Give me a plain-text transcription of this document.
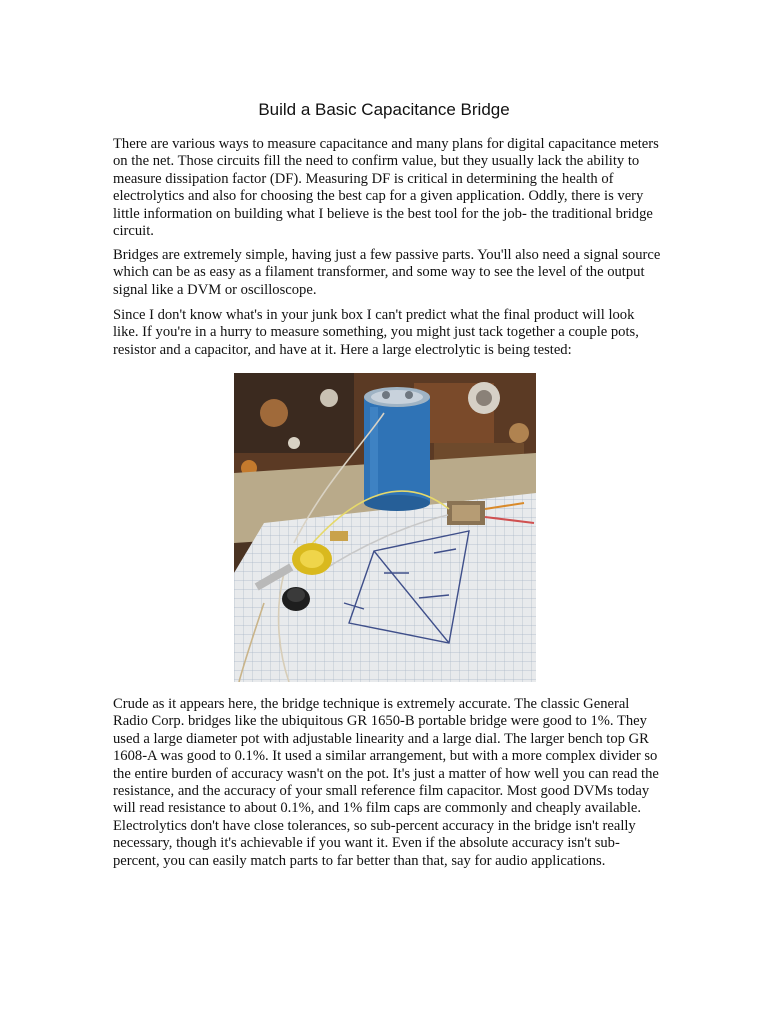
Build a Basic Capacitance Bridge

There are various ways to measure capacitance and many plans for digital capacitance meters on the net. Those circuits fill the need to confirm value, but they usually lack the ability to measure dissipation factor (DF). Measuring DF is critical in determining the health of electrolytics and also for choosing the best cap for a given application. Oddly, there is very little information on building what I believe is the best tool for the job- the traditional bridge circuit.

Bridges are extremely simple, having just a few passive parts. You'll also need a signal source which can be as easy as a filament transformer, and some way to see the level of the output signal like a DVM or oscilloscope.

Since I don't know what's in your junk box I can't predict what the final product will look like. If you're in a hurry to measure something, you might just tack together a couple pots, resistor and a capacitor, and have at it. Here a large electrolytic is being tested:

Crude as it appears here, the bridge technique is extremely accurate. The classic General Radio Corp. bridges like the ubiquitous GR 1650-B portable bridge were good to 1%. They used a large diameter pot with adjustable linearity and a large dial. The larger bench top GR 1608-A was good to 0.1%. It used a similar arrangement, but with a more complex divider so the entire burden of accuracy wasn't on the pot. It's just a matter of how well you can read the resistance, and the accuracy of your small reference film capacitor. Most good DVMs today will read resistance to about 0.1%, and 1% film caps are commonly and cheaply available. Electrolytics don't have close tolerances, so sub-percent accuracy in the bridge isn't really necessary, though it's achievable if you want it. Even if the absolute accuracy isn't sub-percent, you can easily match parts to far better than that, say for audio applications.
